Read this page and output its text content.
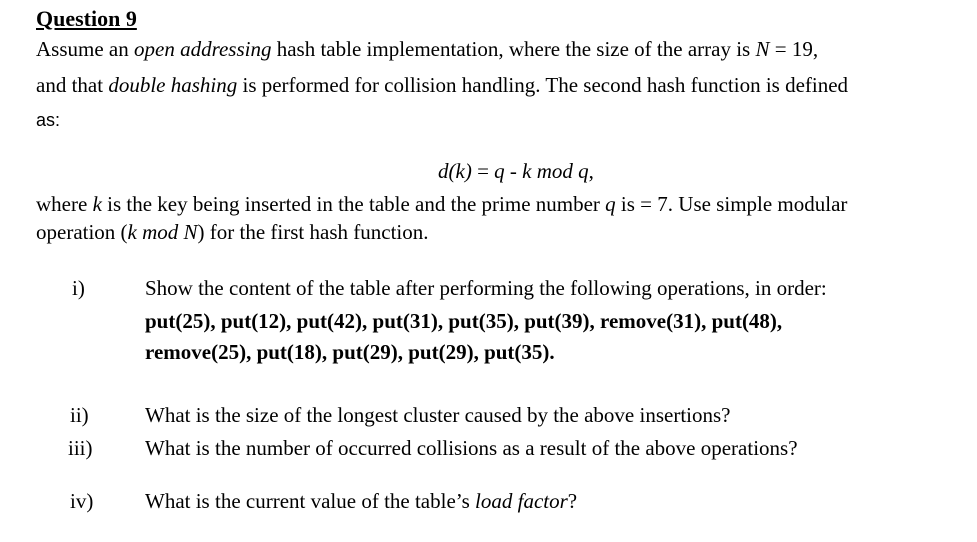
Question 9
Assume an open addressing hash table implementation, where the size of the array is N = 19,
and that double hashing is performed for collision handling. The second hash function is defined
as:
d(k) = q - k mod q,
where k is the key being inserted in the table and the prime number q is = 7. Use simple modular
operation (k mod N) for the first hash function.
i)	Show the content of the table after performing the following operations, in order:
put(25), put(12), put(42), put(31), put(35), put(39), remove(31), put(48),
remove(25), put(18), put(29), put(29), put(35).
ii)	What is the size of the longest cluster caused by the above insertions?
iii)	What is the number of occurred collisions as a result of the above operations?
iv) What is the current value of the table’s load factor?
